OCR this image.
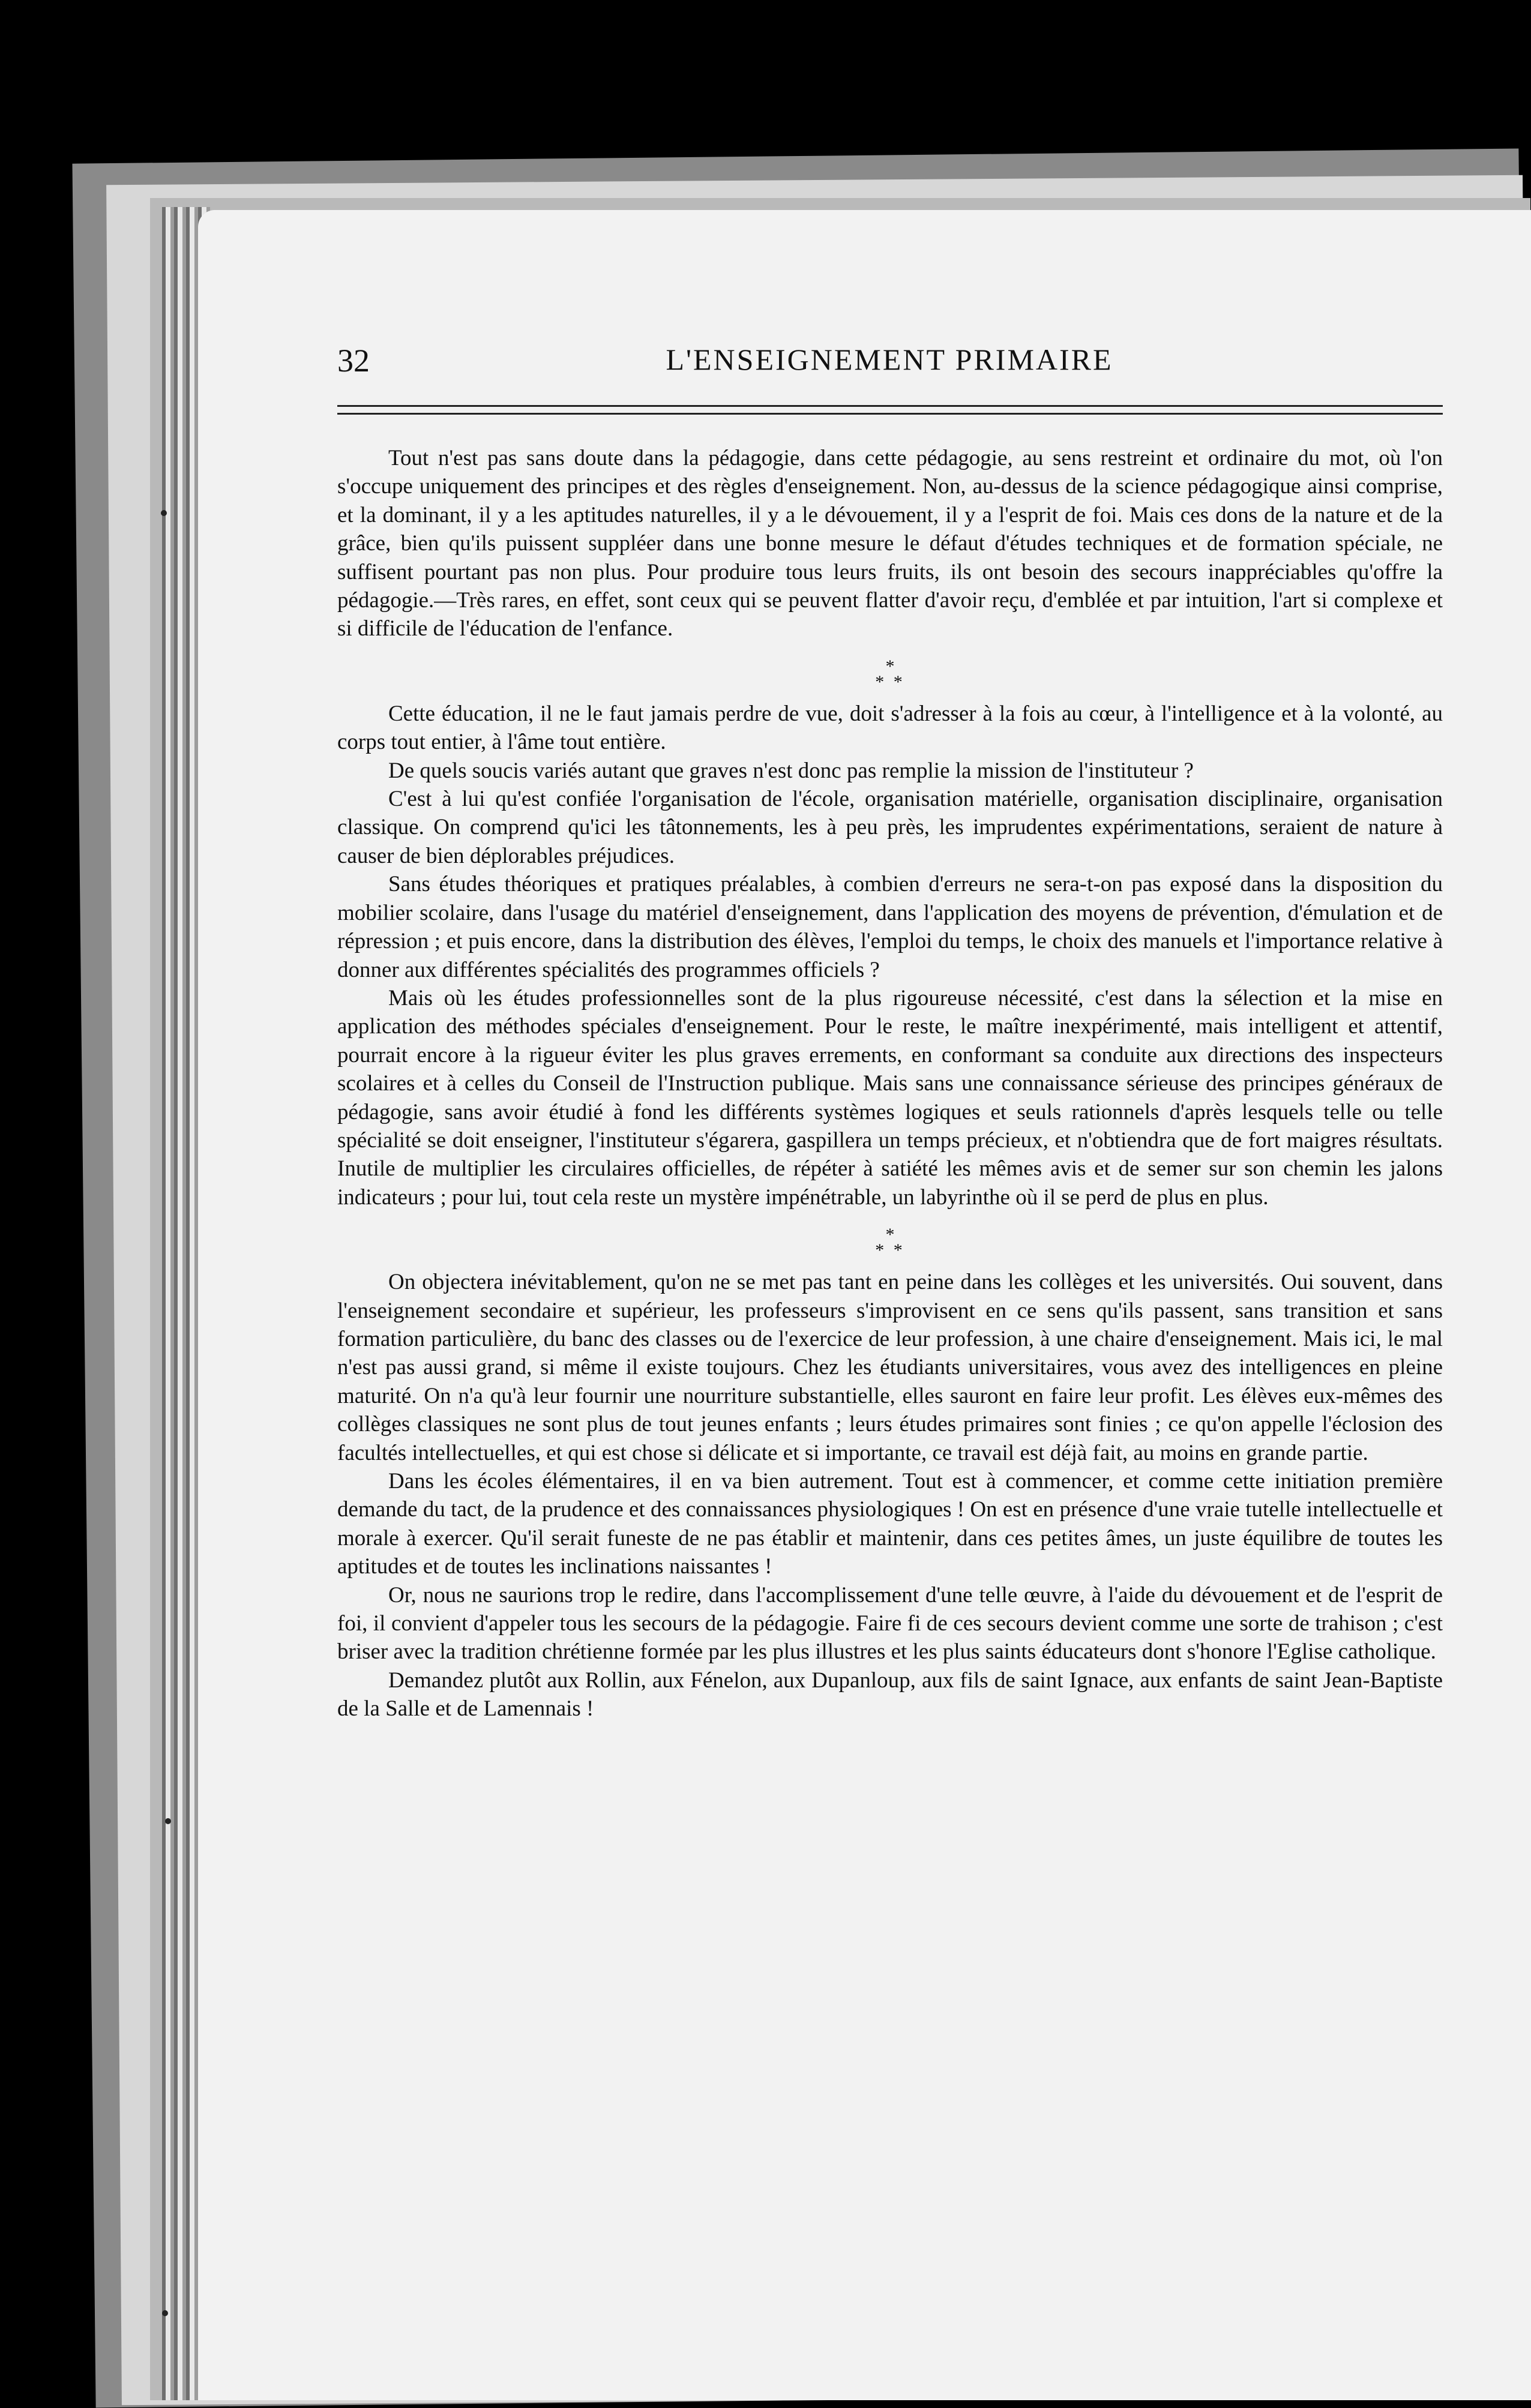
32	L'ENSEIGNEMENT PRIMAIRE

Tout n'est pas sans doute dans la pédagogie, dans cette pédagogie, au sens restreint et ordinaire du mot, où l'on s'occupe uniquement des principes et des règles d'enseignement. Non, au-dessus de la science pédagogique ainsi comprise, et la dominant, il y a les aptitudes naturelles, il y a le dévouement, il y a l'esprit de foi. Mais ces dons de la nature et de la grâce, bien qu'ils puissent suppléer dans une bonne mesure le défaut d'études techniques et de formation spéciale, ne suffisent pourtant pas non plus. Pour produire tous leurs fruits, ils ont besoin des secours inappréciables qu'offre la pédagogie.—Très rares, en effet, sont ceux qui se peuvent flatter d'avoir reçu, d'emblée et par intuition, l'art si complexe et si difficile de l'éducation de l'enfance.

*
* *

Cette éducation, il ne le faut jamais perdre de vue, doit s'adresser à la fois au cœur, à l'intelligence et à la volonté, au corps tout entier, à l'âme tout entière.

De quels soucis variés autant que graves n'est donc pas remplie la mission de l'instituteur ?

C'est à lui qu'est confiée l'organisation de l'école, organisation matérielle, organisation disciplinaire, organisation classique. On comprend qu'ici les tâtonnements, les à peu près, les imprudentes expérimentations, seraient de nature à causer de bien déplorables préjudices.

Sans études théoriques et pratiques préalables, à combien d'erreurs ne sera-t-on pas exposé dans la disposition du mobilier scolaire, dans l'usage du matériel d'enseignement, dans l'application des moyens de prévention, d'émulation et de répression ; et puis encore, dans la distribution des élèves, l'emploi du temps, le choix des manuels et l'importance relative à donner aux différentes spécialités des programmes officiels ?

Mais où les études professionnelles sont de la plus rigoureuse nécessité, c'est dans la sélection et la mise en application des méthodes spéciales d'enseignement. Pour le reste, le maître inexpérimenté, mais intelligent et attentif, pourrait encore à la rigueur éviter les plus graves errements, en conformant sa conduite aux directions des inspecteurs scolaires et à celles du Conseil de l'Instruction publique. Mais sans une connaissance sérieuse des principes généraux de pédagogie, sans avoir étudié à fond les différents systèmes logiques et seuls rationnels d'après lesquels telle ou telle spécialité se doit enseigner, l'instituteur s'égarera, gaspillera un temps précieux, et n'obtiendra que de fort maigres résultats. Inutile de multiplier les circulaires officielles, de répéter à satiété les mêmes avis et de semer sur son chemin les jalons indicateurs ; pour lui, tout cela reste un mystère impénétrable, un labyrinthe où il se perd de plus en plus.

*
* *

On objectera inévitablement, qu'on ne se met pas tant en peine dans les collèges et les universités. Oui souvent, dans l'enseignement secondaire et supérieur, les professeurs s'improvisent en ce sens qu'ils passent, sans transition et sans formation particulière, du banc des classes ou de l'exercice de leur profession, à une chaire d'enseignement. Mais ici, le mal n'est pas aussi grand, si même il existe toujours. Chez les étudiants universitaires, vous avez des intelligences en pleine maturité. On n'a qu'à leur fournir une nourriture substantielle, elles sauront en faire leur profit. Les élèves eux-mêmes des collèges classiques ne sont plus de tout jeunes enfants ; leurs études primaires sont finies ; ce qu'on appelle l'éclosion des facultés intellectuelles, et qui est chose si délicate et si importante, ce travail est déjà fait, au moins en grande partie.

Dans les écoles élémentaires, il en va bien autrement. Tout est à commencer, et comme cette initiation première demande du tact, de la prudence et des connaissances physiologiques ! On est en présence d'une vraie tutelle intellectuelle et morale à exercer. Qu'il serait funeste de ne pas établir et maintenir, dans ces petites âmes, un juste équilibre de toutes les aptitudes et de toutes les inclinations naissantes !

Or, nous ne saurions trop le redire, dans l'accomplissement d'une telle œuvre, à l'aide du dévouement et de l'esprit de foi, il convient d'appeler tous les secours de la pédagogie. Faire fi de ces secours devient comme une sorte de trahison ; c'est briser avec la tradition chrétienne formée par les plus illustres et les plus saints éducateurs dont s'honore l'Eglise catholique.

Demandez plutôt aux Rollin, aux Fénelon, aux Dupanloup, aux fils de saint Ignace, aux enfants de saint Jean-Baptiste de la Salle et de Lamennais !
